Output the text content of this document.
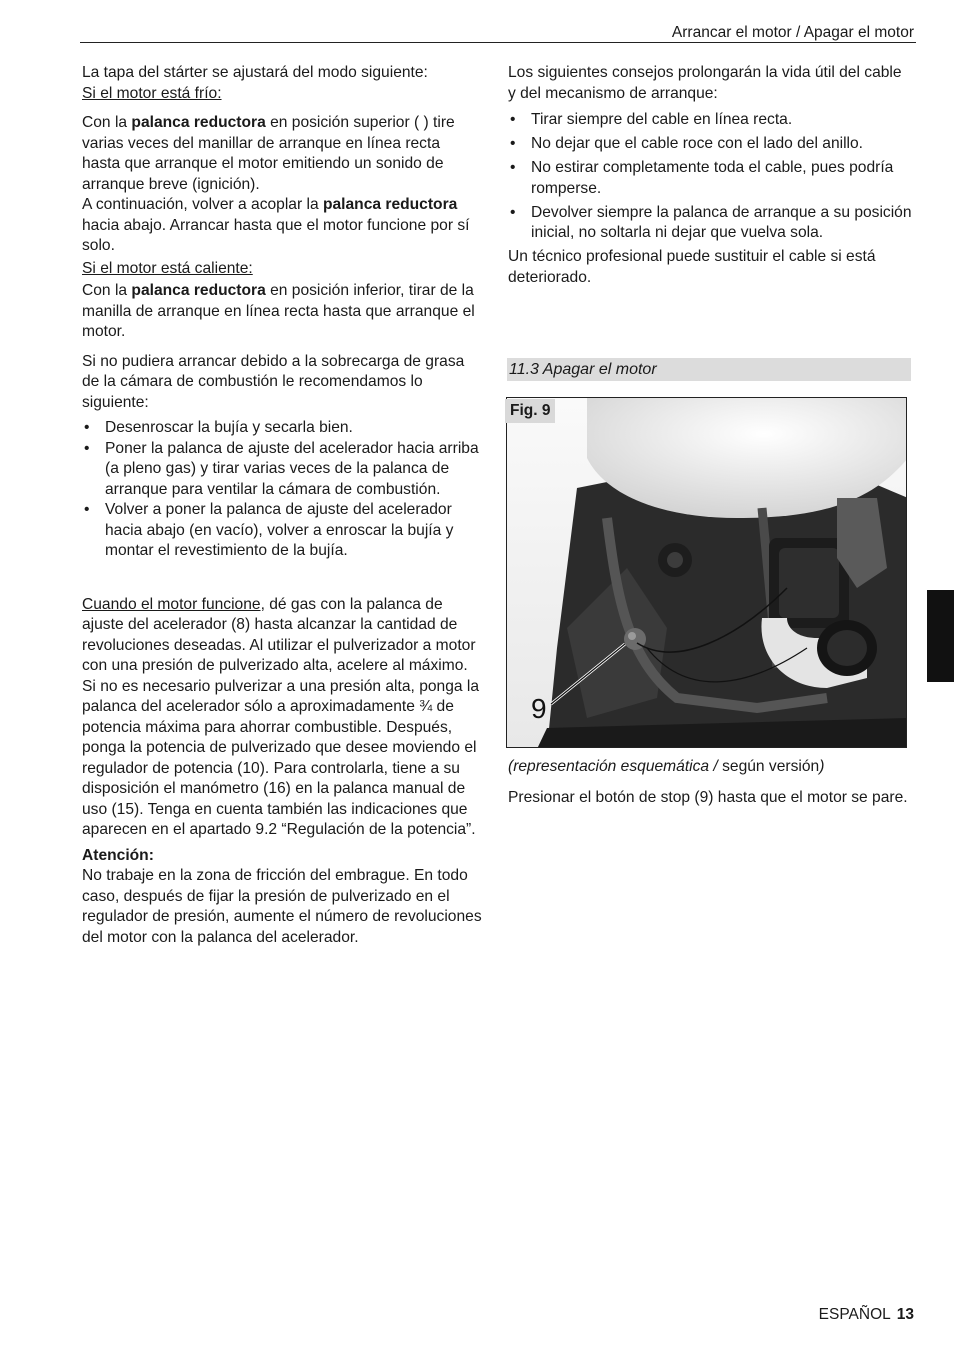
Arrancar el motor / Apagar el motor

La tapa del stárter se ajustará del modo siguiente:

Si el motor está frío:

Con la palanca reductora en posición superior ( ) tire varias veces del manillar de arranque en línea recta hasta que arranque el motor emitiendo un sonido de arranque breve (ignición).

A continuación, volver a acoplar la palanca reductora hacia abajo. Arrancar hasta que el motor funcione por sí solo.

Si el motor está caliente:

Con la palanca reductora en posición inferior, tirar de la manilla de arranque en línea recta hasta que arranque el motor.

Si no pudiera arrancar debido a la sobrecarga de grasa de la cámara de combustión le recomendamos lo siguiente:

• Desenroscar la bujía y secarla bien.
• Poner la palanca de ajuste del acelerador hacia arriba (a pleno gas) y tirar varias veces de la palanca de arranque para ventilar la cámara de combustión.
• Volver a poner la palanca de ajuste del acelerador hacia abajo (en vacío), volver a enroscar la bujía y montar el revestimiento de la bujía.

Cuando el motor funcione, dé gas con la palanca de ajuste del acelerador (8) hasta alcanzar la cantidad de revoluciones deseadas. Al utilizar el pulverizador a motor con una presión de pulverizado alta, acelere al máximo. Si no es necesario pulverizar a una presión alta, ponga la palanca del acelerador sólo a aproximadamente ¾ de potencia máxima para ahorrar combustible. Después, ponga la potencia de pulverizado que desee moviendo el regulador de potencia (10). Para controlarla, tiene a su disposición el manómetro (16) en la palanca manual de uso (15). Tenga en cuenta también las indicaciones que aparecen en el apartado 9.2 “Regulación de la potencia”.

Atención:

No trabaje en la zona de fricción del embrague. En todo caso, después de fijar la presión de pulverizado en el regulador de presión, aumente el número de revoluciones del motor con la palanca del acelerador.

Los siguientes consejos prolongarán la vida útil del cable y del mecanismo de arranque:

• Tirar siempre del cable en línea recta.
• No dejar que el cable roce con el lado del anillo.
• No estirar completamente toda el cable, pues podría romperse.
• Devolver siempre la palanca de arranque a su posición inicial, no soltarla ni dejar que vuelva sola.

Un técnico profesional puede sustituir el cable si está deteriorado.

11.3 Apagar el motor
9
Fig. 9
(representación esquemática / según versión)
Presionar el botón de stop (9) hasta que el motor se pare.
ESPAÑOL 13
